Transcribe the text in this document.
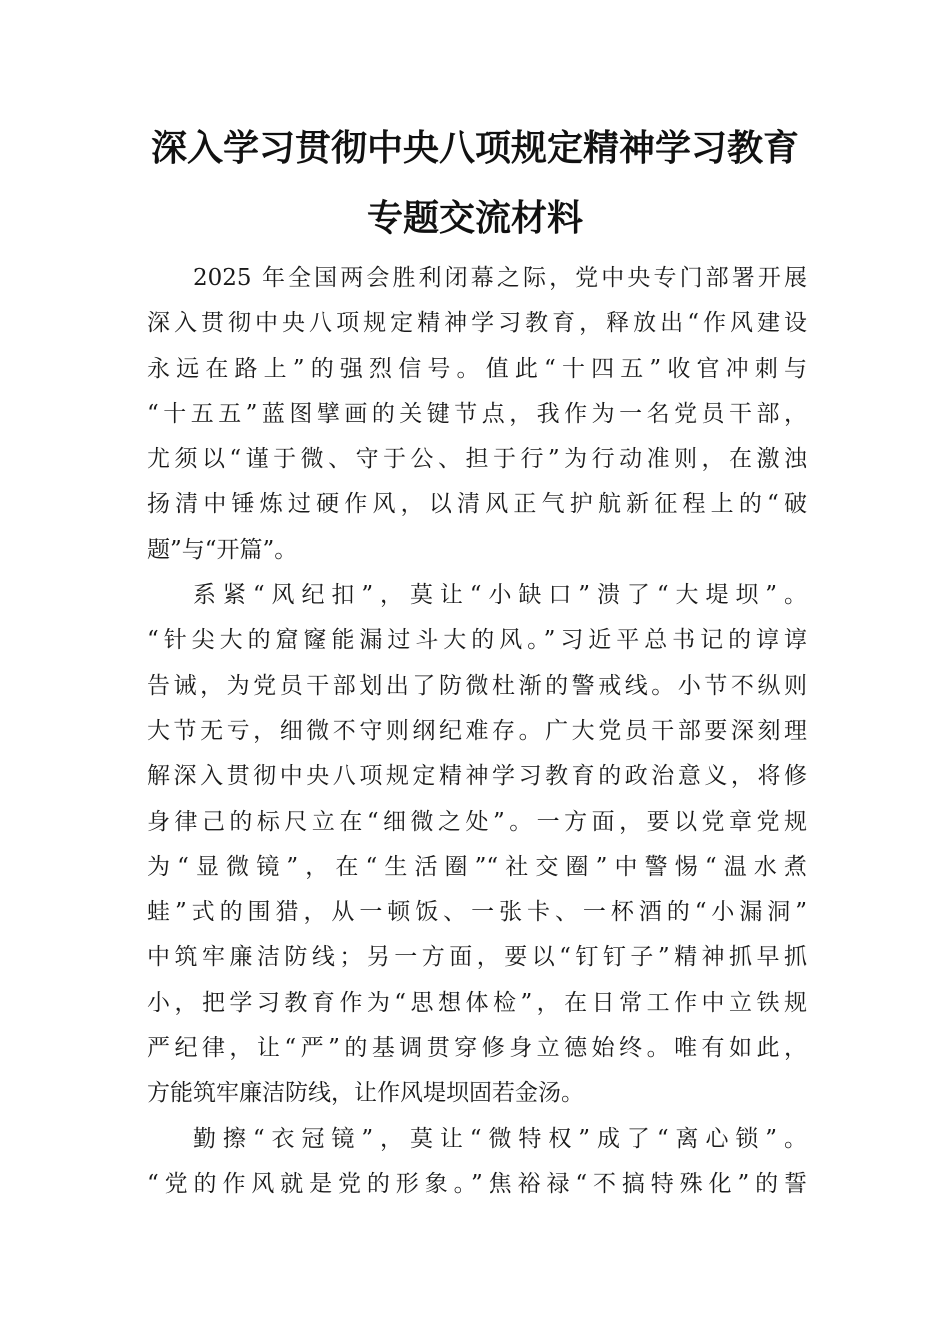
深入学习贯彻中央八项规定精神学习教育
专题交流材料
2025 年全国两会胜利闭幕之际，党中央专门部署开展
深入贯彻中央八项规定精神学习教育，释放出“作风建设
永远在路上”的强烈信号。值此“十四五”收官冲刺与
“十五五”蓝图擘画的关键节点，我作为一名党员干部，
尤须以“谨于微、守于公、担于行”为行动准则，在激浊
扬清中锤炼过硬作风，以清风正气护航新征程上的“破
题”与“开篇”。
系紧“风纪扣”，莫让“小缺口”溃了“大堤坝”。
“针尖大的窟窿能漏过斗大的风。”习近平总书记的谆谆
告诫，为党员干部划出了防微杜渐的警戒线。小节不纵则
大节无亏，细微不守则纲纪难存。广大党员干部要深刻理
解深入贯彻中央八项规定精神学习教育的政治意义，将修
身律己的标尺立在“细微之处”。一方面，要以党章党规
为“显微镜”，在“生活圈”“社交圈”中警惕“温水煮
蛙”式的围猎，从一顿饭、一张卡、一杯酒的“小漏洞”
中筑牢廉洁防线；另一方面，要以“钉钉子”精神抓早抓
小，把学习教育作为“思想体检”，在日常工作中立铁规
严纪律，让“严”的基调贯穿修身立德始终。唯有如此，
方能筑牢廉洁防线，让作风堤坝固若金汤。
勤擦“衣冠镜”，莫让“微特权”成了“离心锁”。
“党的作风就是党的形象。”焦裕禄“不搞特殊化”的誓
